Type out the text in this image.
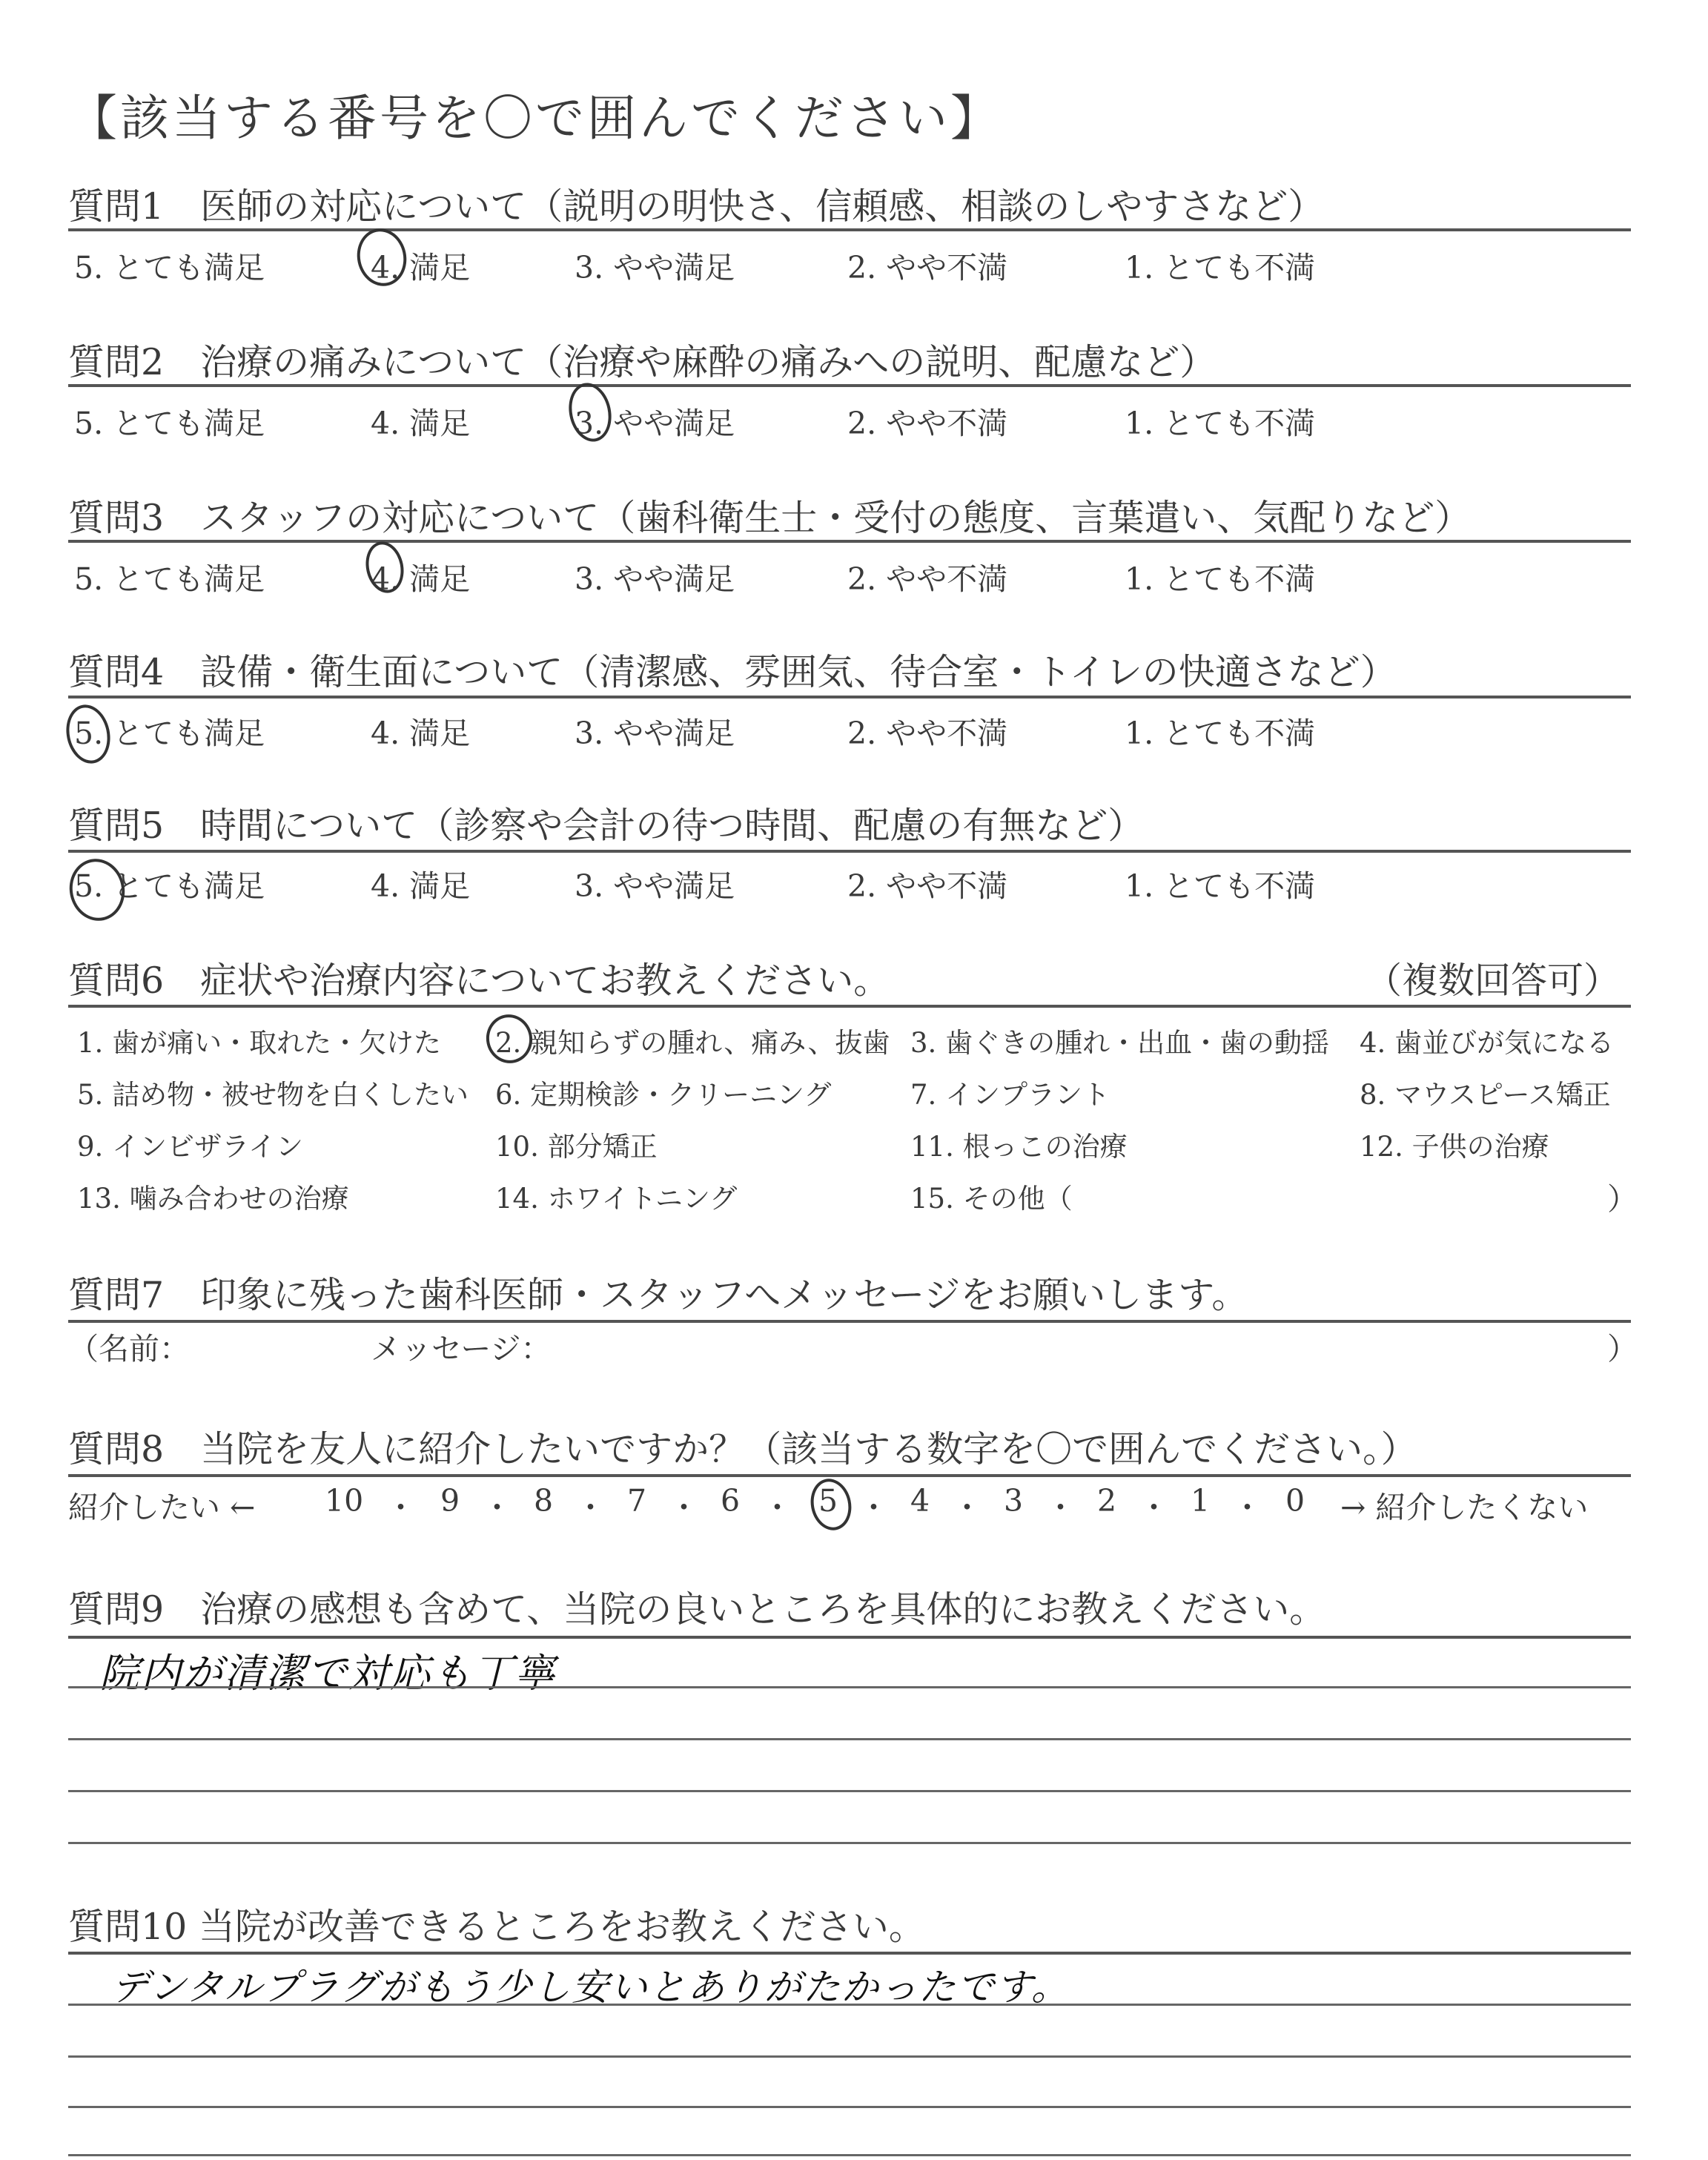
【該当する番号を〇で囲んでください】
質問1　医師の対応について（説明の明快さ、信頼感、相談のしやすさなど）
5. とても満足	4. 満足	3. やや満足	2. やや不満	1. とても不満
質問2　治療の痛みについて（治療や麻酔の痛みへの説明、配慮など）
5. とても満足	4. 満足	3. やや満足	2. やや不満	1. とても不満
質問3　スタッフの対応について（歯科衛生士・受付の態度、言葉遣い、気配りなど）
5. とても満足	4. 満足	3. やや満足	2. やや不満	1. とても不満
質問4　設備・衛生面について（清潔感、雰囲気、待合室・トイレの快適さなど）
5. とても満足	4. 満足	3. やや満足	2. やや不満	1. とても不満
質問5　時間について（診察や会計の待つ時間、配慮の有無など）
5. とても満足	4. 満足	3. やや満足	2. やや不満	1. とても不満
質問6　症状や治療内容についてお教えください。	（複数回答可）
1. 歯が痛い・取れた・欠けた 2. 親知らずの腫れ、痛み、抜歯 3. 歯ぐきの腫れ・出血・歯の動揺 4. 歯並びが気になる
5. 詰め物・被せ物を白くしたい 6. 定期検診・クリーニング	7. インプラント	8. マウスピース矯正
9. インビザライン	10. 部分矯正	11. 根っこの治療	12. 子供の治療
13. 噛み合わせの治療	14. ホワイトニング	15. その他（	）
質問7　印象に残った歯科医師・スタッフへメッセージをお願いします。
（名前：	メッセージ：	）
質問8　当院を友人に紹介したいですか？（該当する数字を〇で囲んでください。）
紹介したい ← 10 ・ 9 ・ 8 ・ 7 ・ 6 ・ 5 ・ 4 ・ 3 ・ 2 ・ 1 ・ 0 → 紹介したくない
質問9　治療の感想も含めて、当院の良いところを具体的にお教えください。
院内が清潔で対応も丁寧
質問10 当院が改善できるところをお教えください。
デンタルプラグがもう少し安いとありがたかったです。
